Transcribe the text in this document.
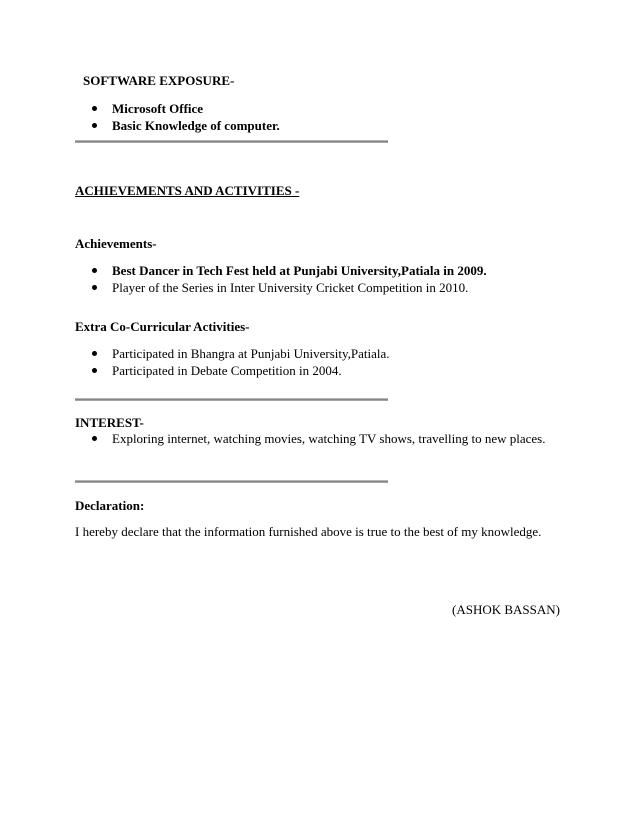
SOFTWARE EXPOSURE-
Microsoft Office
Basic Knowledge of computer.
ACHIEVEMENTS AND ACTIVITIES -
Achievements-
Best Dancer in Tech Fest held at Punjabi University,Patiala in 2009.
Player of the Series in Inter University Cricket Competition in 2010.
Extra Co-Curricular Activities-
Participated in Bhangra at Punjabi University,Patiala.
Participated in Debate Competition in 2004.
INTEREST-
Exploring internet, watching movies, watching TV shows, travelling to new places.
Declaration:
I hereby declare that the information furnished above is true to the best of my knowledge.
(ASHOK BASSAN)
